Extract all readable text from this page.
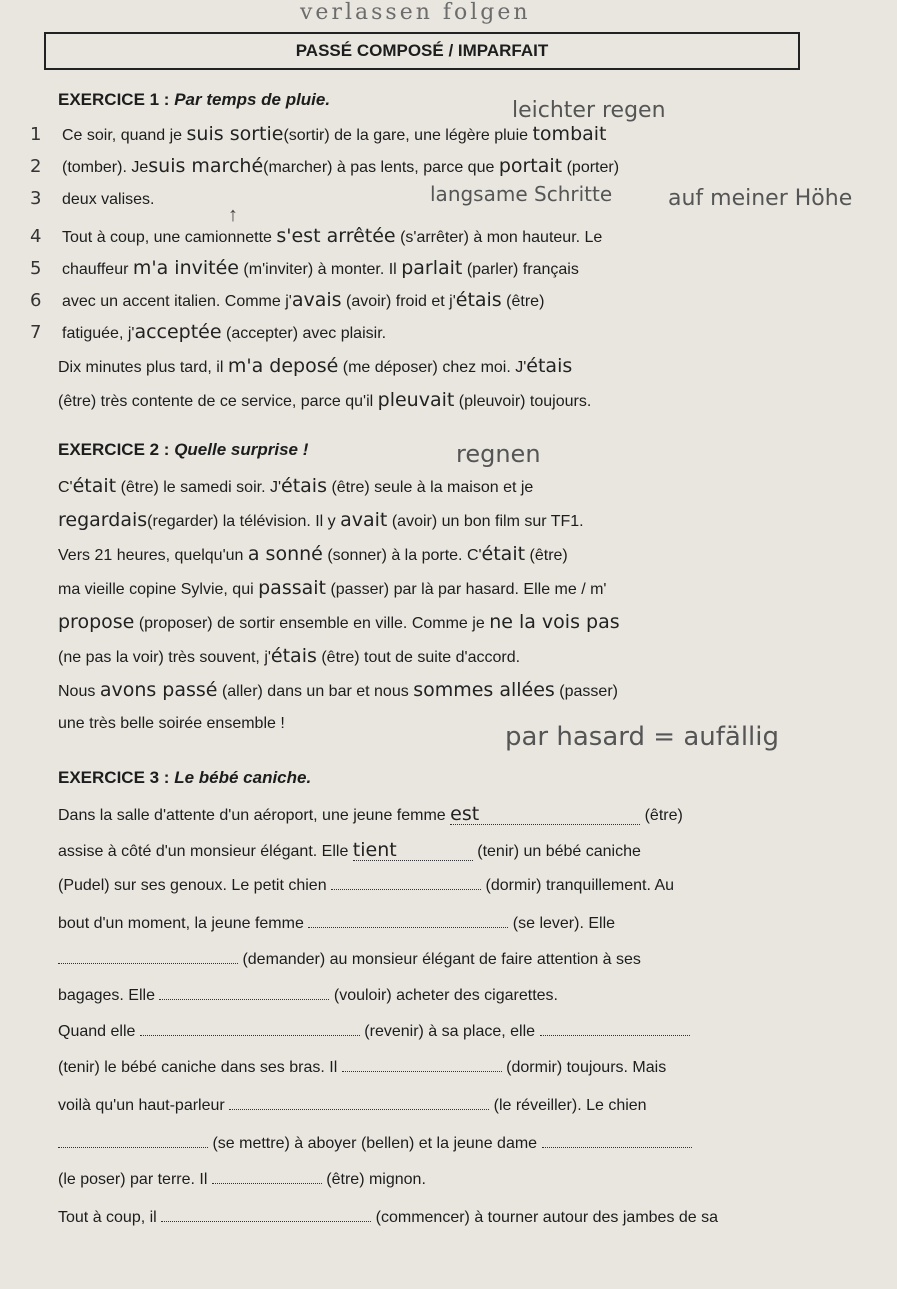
verlassen folgen
PASSÉ COMPOSÉ / IMPARFAIT
EXERCICE 1 : Par temps de pluie.	leichter regen
langsame Schritte	auf meiner Höhe
1
2
3
4
5
6
7
Ce soir, quand je suis sortie(sortir) de la gare, une légère pluie tombait
(tomber). Jesuis marché(marcher) à pas lents, parce que portait (porter)
deux valises.
↑
Tout à coup, une camionnette s'est arrêtée (s'arrêter) à mon hauteur. Le
chauffeur m'a invitée (m'inviter) à monter. Il parlait (parler) français
avec un accent italien. Comme j'avais (avoir) froid et j'étais (être)
fatiguée, j'acceptée (accepter) avec plaisir.
Dix minutes plus tard, il m'a deposé (me déposer) chez moi. J'étais
(être) très contente de ce service, parce qu'il pleuvait (pleuvoir) toujours.
EXERCICE 2 : Quelle surprise !	regnen
C'était (être) le samedi soir. J'étais (être) seule à la maison et je
regardais(regarder) la télévision. Il y avait (avoir) un bon film sur TF1.
Vers 21 heures, quelqu'un a sonné (sonner) à la porte. C'était (être)
ma vieille copine Sylvie, qui passait (passer) par là par hasard. Elle me / m'
propose (proposer) de sortir ensemble en ville. Comme je ne la vois pas
(ne pas la voir) très souvent, j'étais (être) tout de suite d'accord.
Nous avons passé (aller) dans un bar et nous sommes allées (passer)
une très belle soirée ensemble !	par hasard = aufällig
EXERCICE 3 : Le bébé caniche.
Dans la salle d'attente d'un aéroport, une jeune femme est	(être)
assise à côté d'un monsieur élégant. Elle tient	(tenir) un bébé caniche
(Pudel) sur ses genoux. Le petit chien	(dormir) tranquillement. Au
bout d'un moment, la jeune femme	(se lever). Elle
(demander) au monsieur élégant de faire attention à ses
bagages. Elle	(vouloir) acheter des cigarettes.
Quand elle	(revenir) à sa place, elle
(tenir) le bébé caniche dans ses bras. Il	(dormir) toujours. Mais
voilà qu'un haut-parleur	(le réveiller). Le chien
(se mettre) à aboyer (bellen) et la jeune dame
(le poser) par terre. Il	(être) mignon.
Tout à coup, il	(commencer) à tourner autour des jambes de sa
